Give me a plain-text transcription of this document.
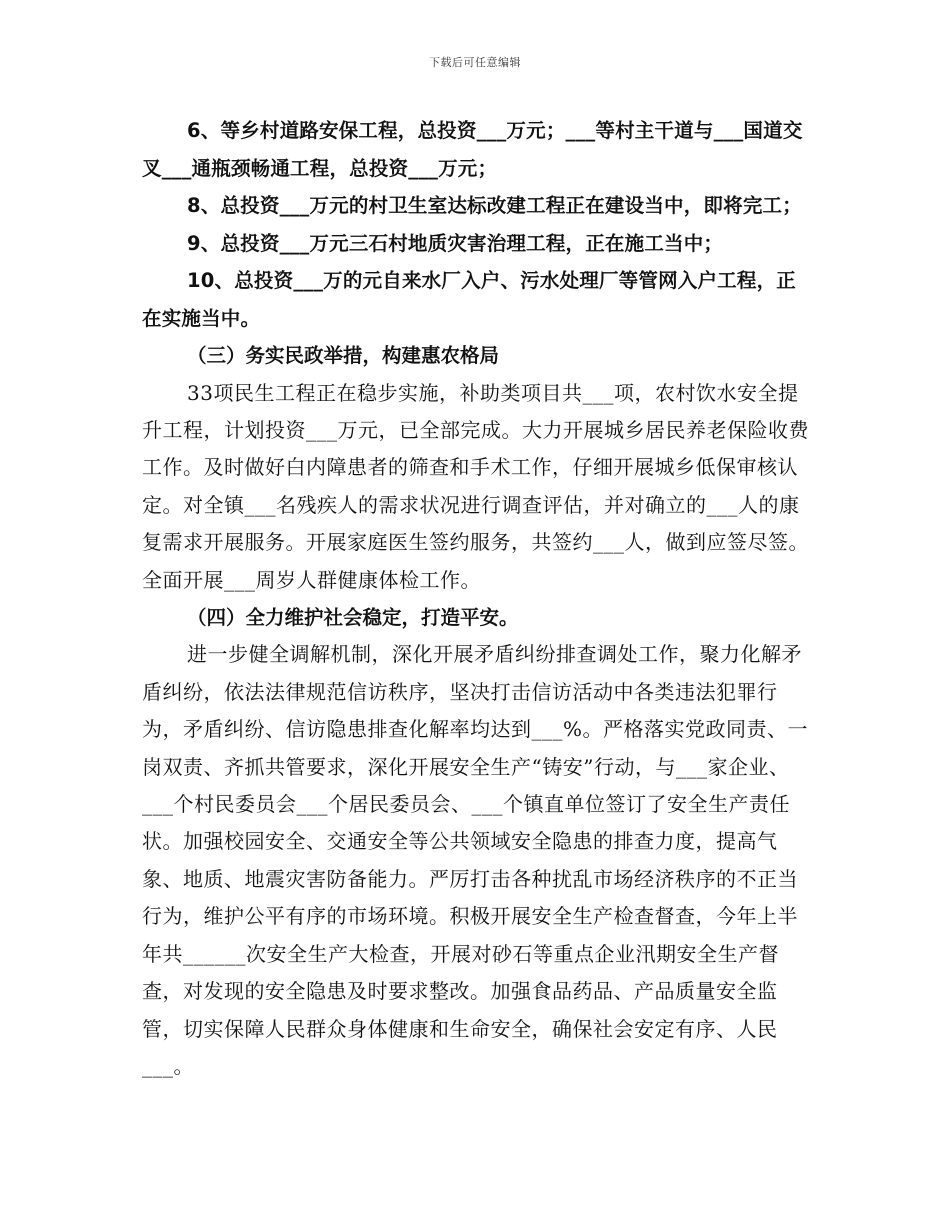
下载后可任意编辑

6、等乡村道路安保工程，总投资___万元；___等村主干道与___国道交叉___通瓶颈畅通工程，总投资___万元；

8、总投资___万元的村卫生室达标改建工程正在建设当中，即将完工；

9、总投资___万元三石村地质灾害治理工程，正在施工当中；

10、总投资___万的元自来水厂入户、污水处理厂等管网入户工程，正在实施当中。

（三）务实民政举措，构建惠农格局

33项民生工程正在稳步实施，补助类项目共___项，农村饮水安全提升工程，计划投资___万元，已全部完成。大力开展城乡居民养老保险收费工作。及时做好白内障患者的筛查和手术工作，仔细开展城乡低保审核认定。对全镇___名残疾人的需求状况进行调查评估，并对确立的___人的康复需求开展服务。开展家庭医生签约服务，共签约___人，做到应签尽签。全面开展___周岁人群健康体检工作。

（四）全力维护社会稳定，打造平安。

进一步健全调解机制，深化开展矛盾纠纷排查调处工作，聚力化解矛盾纠纷，依法法律规范信访秩序，坚决打击信访活动中各类违法犯罪行为，矛盾纠纷、信访隐患排查化解率均达到___%。严格落实党政同责、一岗双责、齐抓共管要求，深化开展安全生产“铸安”行动，与___家企业、___个村民委员会___个居民委员会、___个镇直单位签订了安全生产责任状。加强校园安全、交通安全等公共领域安全隐患的排查力度，提高气象、地质、地震灾害防备能力。严厉打击各种扰乱市场经济秩序的不正当行为，维护公平有序的市场环境。积极开展安全生产检查督查，今年上半年共______次安全生产大检查，开展对砂石等重点企业汛期安全生产督查，对发现的安全隐患及时要求整改。加强食品药品、产品质量安全监管，切实保障人民群众身体健康和生命安全，确保社会安定有序、人民___。
